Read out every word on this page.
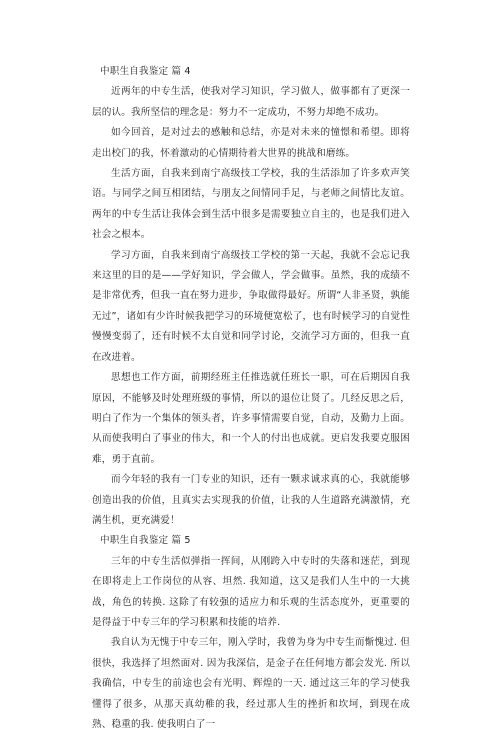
中职生自我鉴定 篇 4
近两年的中专生活，使我对学习知识，学习做人，做事都有了更深一层的认。我所坚信的理念是：努力不一定成功，不努力却绝不成功。
如今回首，是对过去的感触和总结，亦是对未来的憧憬和希望。即将走出校门的我，怀着激动的心情期待着大世界的挑战和磨练。
生活方面，自我来到南宁高级技工学校，我的生活添加了许多欢声笑语。与同学之间互相团结，与朋友之间情同手足，与老师之间情比友谊。两年的中专生活让我体会到生活中很多是需要独立自主的，也是我们进入社会之根本。
学习方面，自我来到南宁高级技工学校的第一天起，我就不会忘记我来这里的目的是——学好知识，学会做人，学会做事。虽然，我的成绩不是非常优秀，但我一直在努力进步，争取做得最好。所谓“人非圣贤，孰能无过”，诸如有少许时候我把学习的环境便宽松了，也有时候学习的自觉性慢慢变弱了，还有时候不太自觉和同学讨论，交流学习方面的，但我一直在改进着。
思想也工作方面，前期经班主任推选就任班长一职，可在后期因自我原因，不能够及时处理班级的事情，所以的退位让贤了。几经反思之后，明白了作为一个集体的领头者，许多事情需要自觉，自动，及勤力上面。从而使我明白了事业的伟大，和一个人的付出也成就。更启发我要克服困难，勇于直前。
而今年轻的我有一门专业的知识，还有一颗求诚求真的心，我就能够创造出我的价值，且真实去实现我的价值，让我的人生道路充满激情，充满生机，更充满爱！
中职生自我鉴定 篇 5
三年的中专生活似弹指一挥间，从刚跨入中专时的失落和迷茫，到现在即将走上工作岗位的从容、坦然. 我知道，这又是我们人生中的一大挑战，角色的转换. 这除了有较强的适应力和乐观的生活态度外，更重要的是得益于中专三年的学习积累和技能的培养.
我自认为无愧于中专三年，刚入学时，我曾为身为中专生而惭愧过. 但很快，我选择了坦然面对. 因为我深信，是金子在任何地方都会发光. 所以我确信，中专生的前途也会有光明、辉煌的一天. 通过这三年的学习使我懂得了很多，从那天真幼稚的我，经过那人生的挫折和坎坷，到现在成熟、稳重的我. 使我明白了一
